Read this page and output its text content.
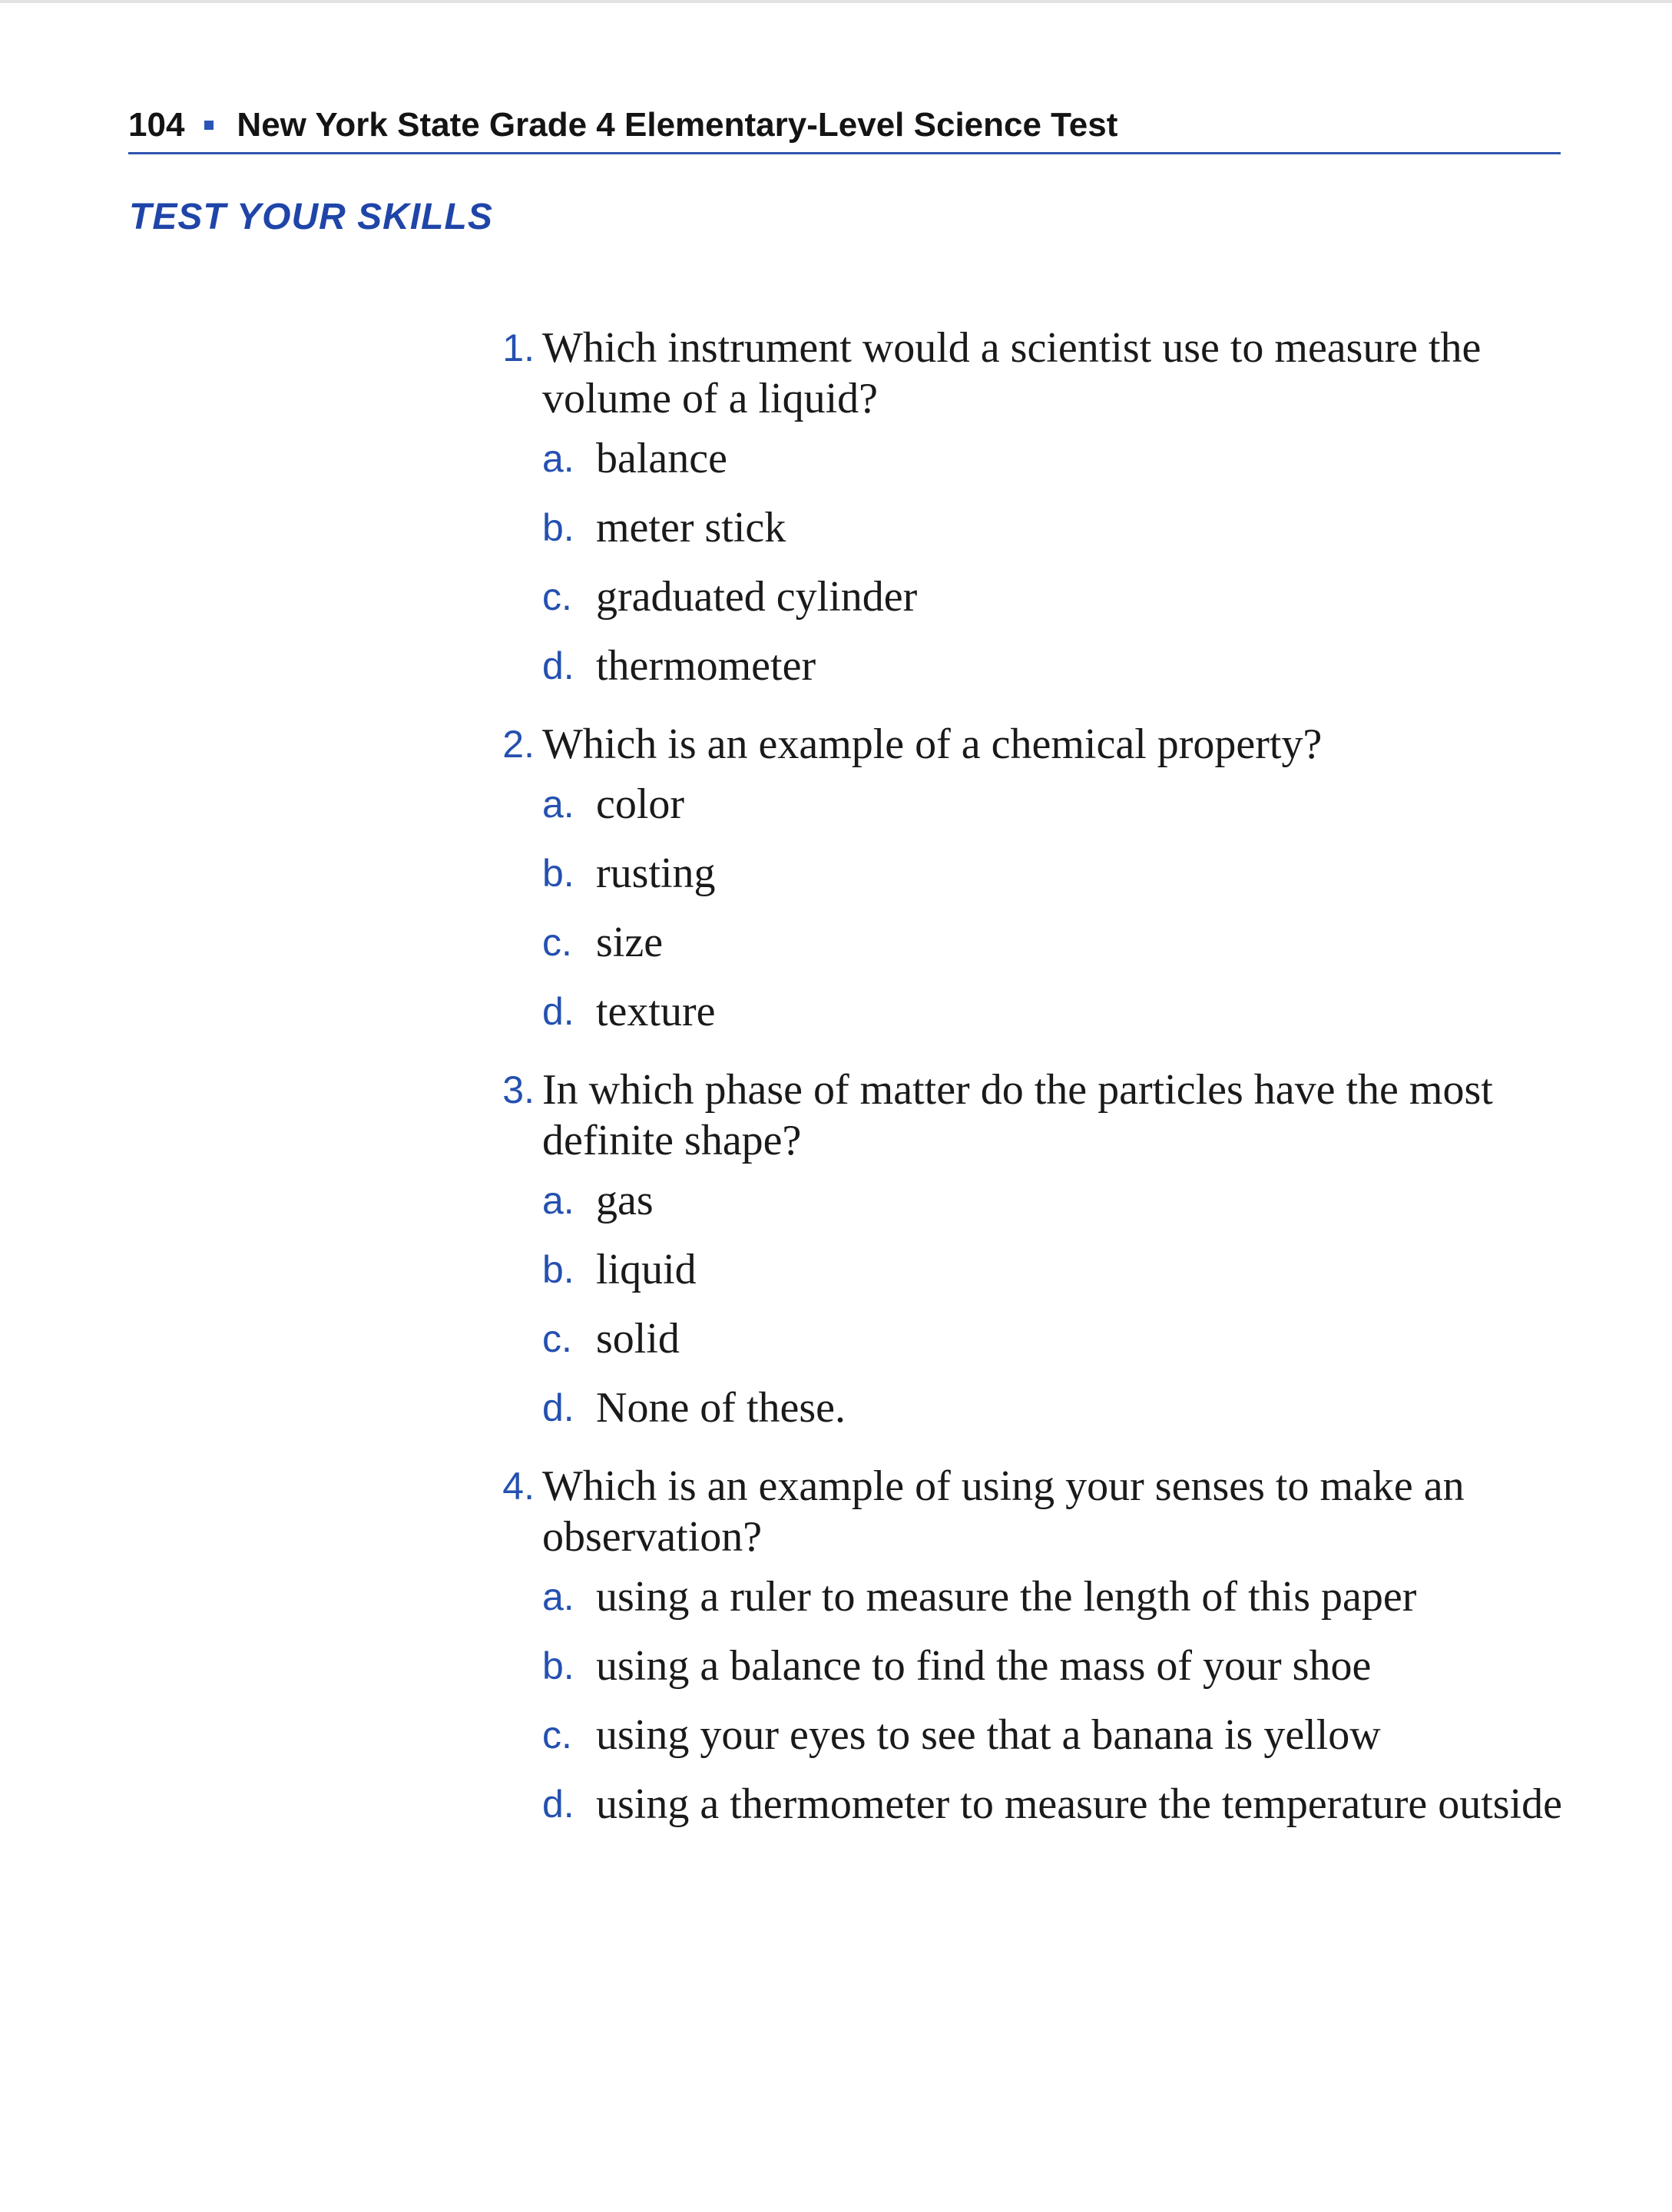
104 New York State Grade 4 Elementary-Level Science Test
TEST YOUR SKILLS
1. Which instrument would a scientist use to measure the volume of a liquid?
a. balance
b. meter stick
c. graduated cylinder
d. thermometer
2. Which is an example of a chemical property?
a. color
b. rusting
c. size
d. texture
3. In which phase of matter do the particles have the most definite shape?
a. gas
b. liquid
c. solid
d. None of these.
4. Which is an example of using your senses to make an observation?
a. using a ruler to measure the length of this paper
b. using a balance to find the mass of your shoe
c. using your eyes to see that a banana is yellow
d. using a thermometer to measure the temperature outside
